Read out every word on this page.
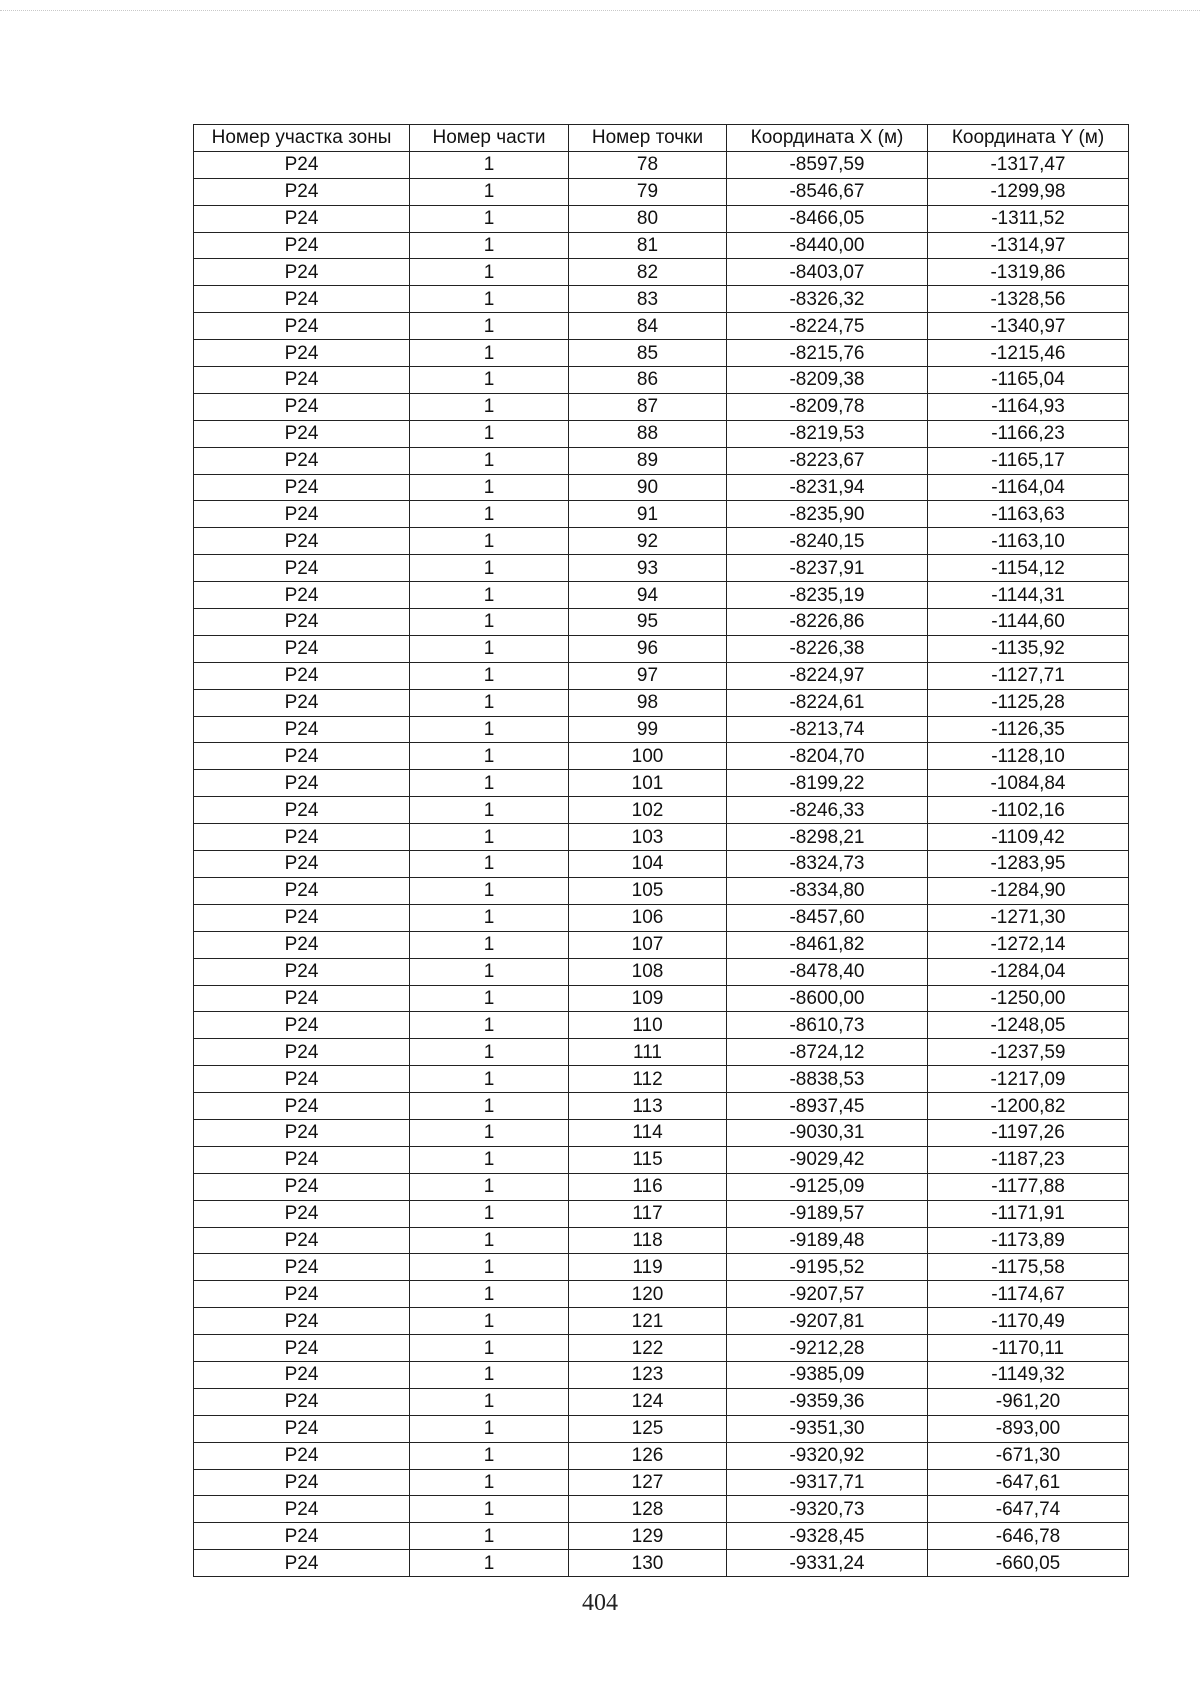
Номер участка зоны	Номер части	Номер точки	Координата X (м)	Координата Y (м)
P24	1	78	-8597,59	-1317,47
P24	1	79	-8546,67	-1299,98
P24	1	80	-8466,05	-1311,52
P24	1	81	-8440,00	-1314,97
P24	1	82	-8403,07	-1319,86
P24	1	83	-8326,32	-1328,56
P24	1	84	-8224,75	-1340,97
P24	1	85	-8215,76	-1215,46
P24	1	86	-8209,38	-1165,04
P24	1	87	-8209,78	-1164,93
P24	1	88	-8219,53	-1166,23
P24	1	89	-8223,67	-1165,17
P24	1	90	-8231,94	-1164,04
P24	1	91	-8235,90	-1163,63
P24	1	92	-8240,15	-1163,10
P24	1	93	-8237,91	-1154,12
P24	1	94	-8235,19	-1144,31
P24	1	95	-8226,86	-1144,60
P24	1	96	-8226,38	-1135,92
P24	1	97	-8224,97	-1127,71
P24	1	98	-8224,61	-1125,28
P24	1	99	-8213,74	-1126,35
P24	1	100	-8204,70	-1128,10
P24	1	101	-8199,22	-1084,84
P24	1	102	-8246,33	-1102,16
P24	1	103	-8298,21	-1109,42
P24	1	104	-8324,73	-1283,95
P24	1	105	-8334,80	-1284,90
P24	1	106	-8457,60	-1271,30
P24	1	107	-8461,82	-1272,14
P24	1	108	-8478,40	-1284,04
P24	1	109	-8600,00	-1250,00
P24	1	110	-8610,73	-1248,05
P24	1	111	-8724,12	-1237,59
P24	1	112	-8838,53	-1217,09
P24	1	113	-8937,45	-1200,82
P24	1	114	-9030,31	-1197,26
P24	1	115	-9029,42	-1187,23
P24	1	116	-9125,09	-1177,88
P24	1	117	-9189,57	-1171,91
P24	1	118	-9189,48	-1173,89
P24	1	119	-9195,52	-1175,58
P24	1	120	-9207,57	-1174,67
P24	1	121	-9207,81	-1170,49
P24	1	122	-9212,28	-1170,11
P24	1	123	-9385,09	-1149,32
P24	1	124	-9359,36	-961,20
P24	1	125	-9351,30	-893,00
P24	1	126	-9320,92	-671,30
P24	1	127	-9317,71	-647,61
P24	1	128	-9320,73	-647,74
P24	1	129	-9328,45	-646,78
P24	1	130	-9331,24	-660,05
404
